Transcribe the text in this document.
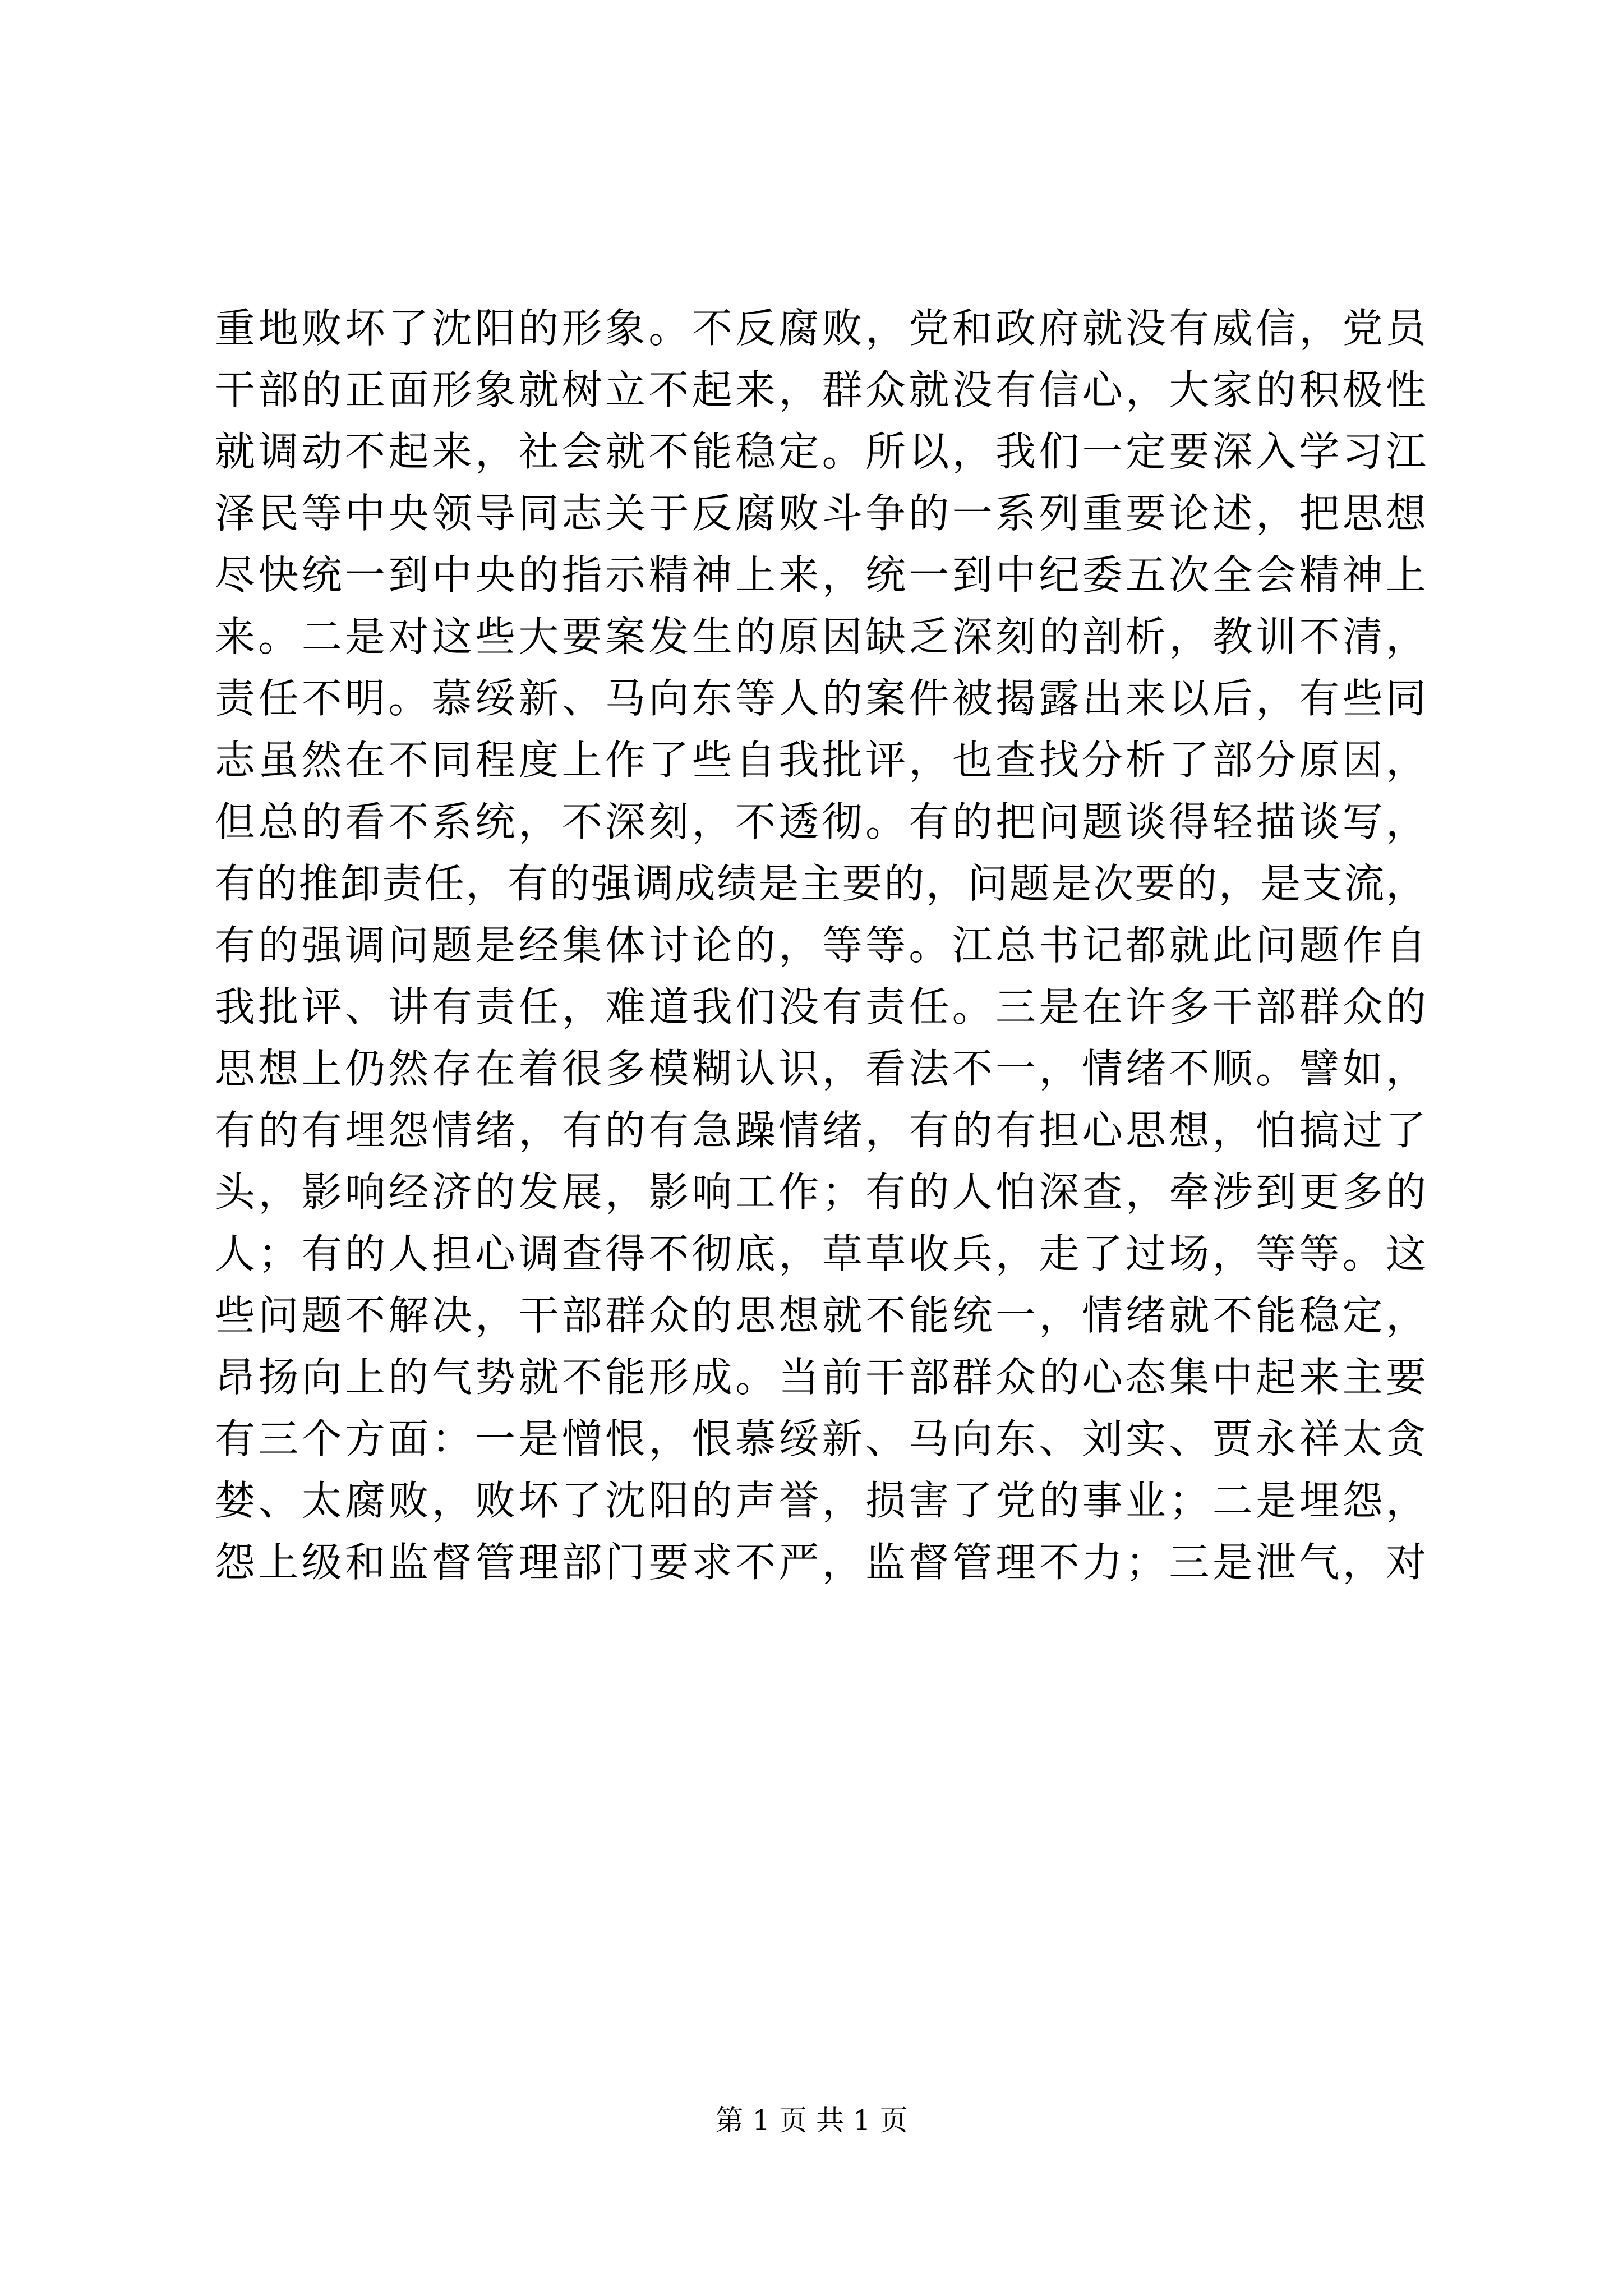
重地败坏了沈阳的形象。不反腐败，党和政府就没有威信，党员
干部的正面形象就树立不起来，群众就没有信心，大家的积极性
就调动不起来，社会就不能稳定。所以，我们一定要深入学习江
泽民等中央领导同志关于反腐败斗争的一系列重要论述，把思想
尽快统一到中央的指示精神上来，统一到中纪委五次全会精神上
来。二是对这些大要案发生的原因缺乏深刻的剖析，教训不清，
责任不明。慕绥新、马向东等人的案件被揭露出来以后，有些同
志虽然在不同程度上作了些自我批评，也查找分析了部分原因，
但总的看不系统，不深刻，不透彻。有的把问题谈得轻描谈写，
有的推卸责任，有的强调成绩是主要的，问题是次要的，是支流，
有的强调问题是经集体讨论的，等等。江总书记都就此问题作自
我批评、讲有责任，难道我们没有责任。三是在许多干部群众的
思想上仍然存在着很多模糊认识，看法不一，情绪不顺。譬如，
有的有埋怨情绪，有的有急躁情绪，有的有担心思想，怕搞过了
头，影响经济的发展，影响工作；有的人怕深查，牵涉到更多的
人；有的人担心调查得不彻底，草草收兵，走了过场，等等。这
些问题不解决，干部群众的思想就不能统一，情绪就不能稳定，
昂扬向上的气势就不能形成。当前干部群众的心态集中起来主要
有三个方面：一是憎恨，恨慕绥新、马向东、刘实、贾永祥太贪
婪、太腐败，败坏了沈阳的声誉，损害了党的事业；二是埋怨，
怨上级和监督管理部门要求不严，监督管理不力；三是泄气，对
第 1 页 共 1 页
